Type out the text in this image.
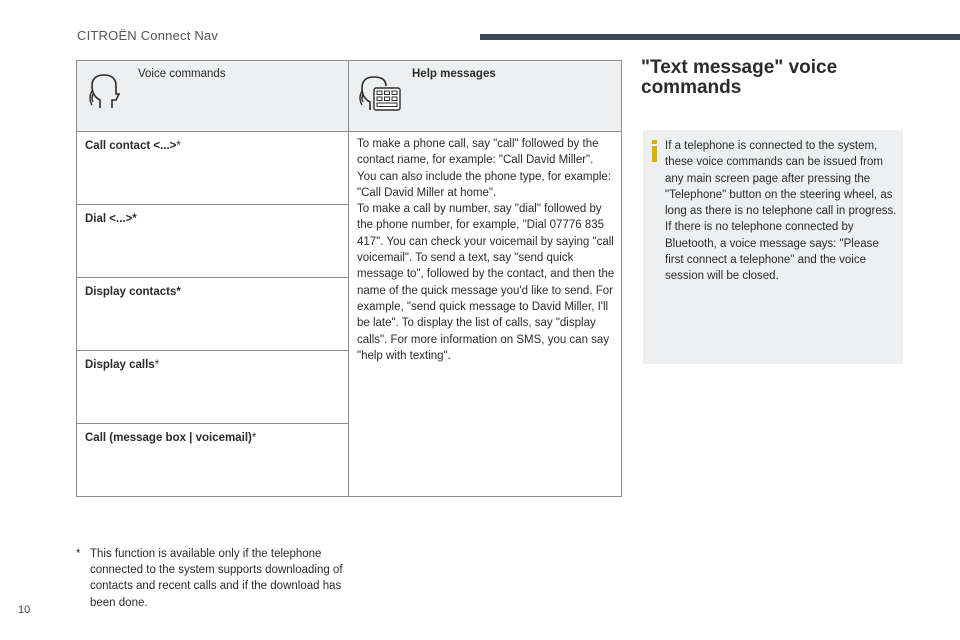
CITROËN Connect Nav
Voice commands	Help messages

Call contact <...>*	To make a phone call, say "call" followed by the contact name, for example: "Call David Miller". You can also include the phone type, for example: "Call David Miller at home".
To make a call by number, say "dial" followed by the phone number, for example, "Dial 07776 835 417". You can check your voicemail by saying "call voicemail". To send a text, say "send quick message to", followed by the contact, and then the name of the quick message you'd like to send. For example, "send quick message to David Miller, I'll be late". To display the list of calls, say "display calls". For more information on SMS, you can say "help with texting".

Dial <...>*	
Display contacts*	
Display calls*	
Call (message box | voicemail)*	
* This function is available only if the telephone connected to the system supports downloading of contacts and recent calls and if the download has been done.
"Text message" voice commands
If a telephone is connected to the system, these voice commands can be issued from any main screen page after pressing the "Telephone" button on the steering wheel, as long as there is no telephone call in progress.
If there is no telephone connected by Bluetooth, a voice message says: "Please first connect a telephone" and the voice session will be closed.
10
